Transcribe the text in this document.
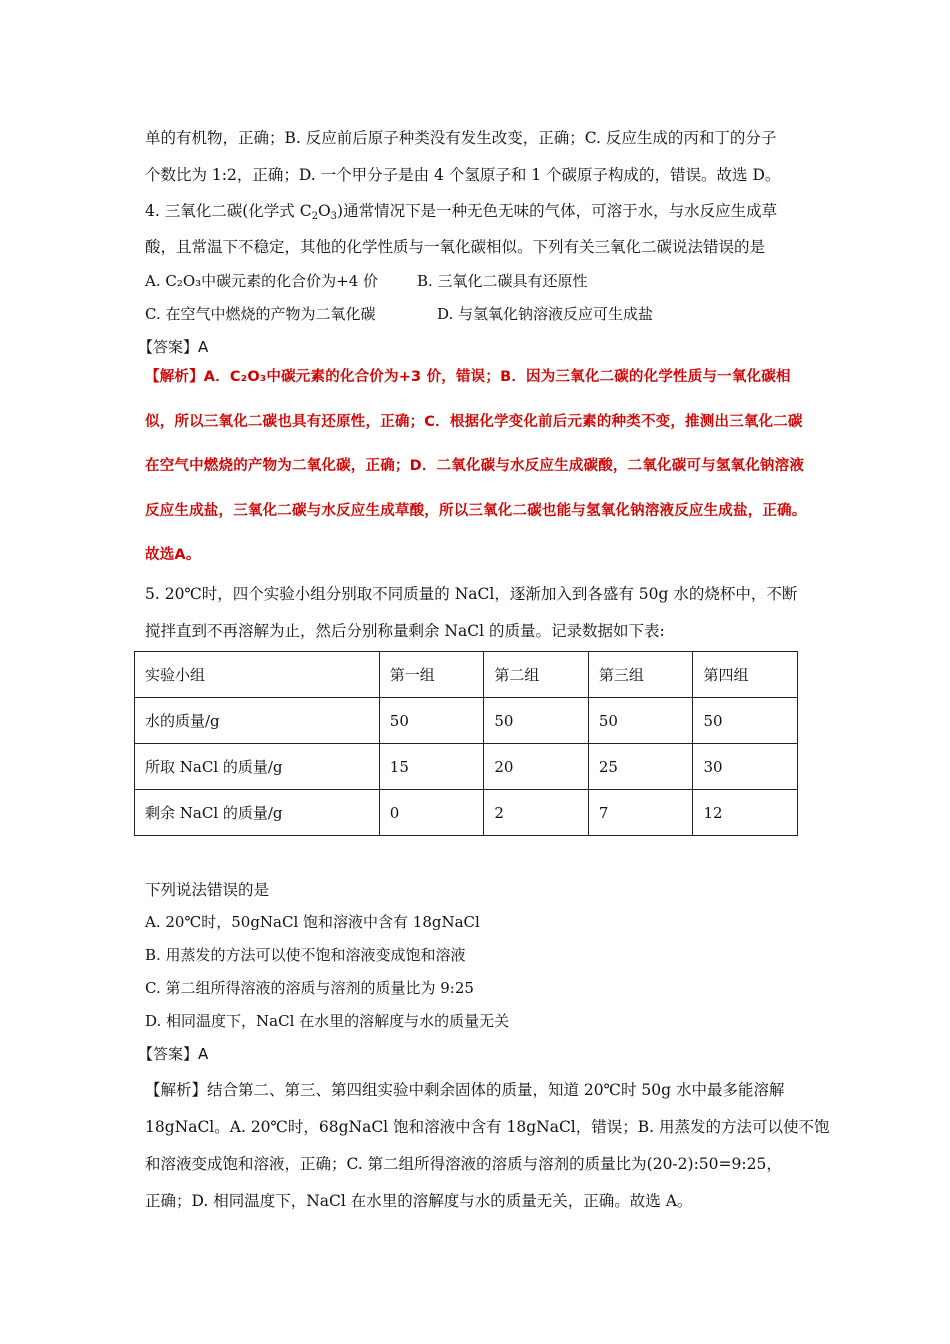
单的有机物，正确；B. 反应前后原子种类没有发生改变，正确；C. 反应生成的丙和丁的分子
个数比为 1:2，正确；D. 一个甲分子是由 4 个氢原子和 1 个碳原子构成的，错误。故选 D。
4. 三氧化二碳(化学式 C2O3)通常情况下是一种无色无味的气体，可溶于水，与水反应生成草
酸，且常温下不稳定，其他的化学性质与一氧化碳相似。下列有关三氧化二碳说法错误的是
A. C₂O₃中碳元素的化合价为+4 价	B. 三氧化二碳具有还原性
C. 在空气中燃烧的产物为二氧化碳	D. 与氢氧化钠溶液反应可生成盐
【答案】A
【解析】A．C₂O₃中碳元素的化合价为+3 价，错误；B．因为三氧化二碳的化学性质与一氧化碳相似，所以三氧化二碳也具有还原性，正确；C．根据化学变化前后元素的种类不变，推测出三氧化二碳在空气中燃烧的产物为二氧化碳，正确；D．二氧化碳与水反应生成碳酸，二氧化碳可与氢氧化钠溶液反应生成盐，三氧化二碳与水反应生成草酸，所以三氧化二碳也能与氢氧化钠溶液反应生成盐，正确。故选A。
5. 20℃时，四个实验小组分别取不同质量的 NaCl，逐渐加入到各盛有 50g 水的烧杯中，不断
搅拌直到不再溶解为止，然后分别称量剩余 NaCl 的质量。记录数据如下表:
实验小组	第一组	第二组	第三组	第四组
水的质量/g	50	50	50	50
所取 NaCl 的质量/g	15	20	25	30
剩余 NaCl 的质量/g	0	2	7	12
下列说法错误的是
A. 20℃时，50gNaCl 饱和溶液中含有 18gNaCl
B. 用蒸发的方法可以使不饱和溶液变成饱和溶液
C. 第二组所得溶液的溶质与溶剂的质量比为 9:25
D. 相同温度下，NaCl 在水里的溶解度与水的质量无关
【答案】A
【解析】结合第二、第三、第四组实验中剩余固体的质量，知道 20℃时 50g 水中最多能溶解
18gNaCl。A. 20℃时，68gNaCl 饱和溶液中含有 18gNaCl，错误；B. 用蒸发的方法可以使不饱
和溶液变成饱和溶液，正确；C. 第二组所得溶液的溶质与溶剂的质量比为(20-2):50=9:25，
正确；D. 相同温度下，NaCl 在水里的溶解度与水的质量无关，正确。故选 A。
